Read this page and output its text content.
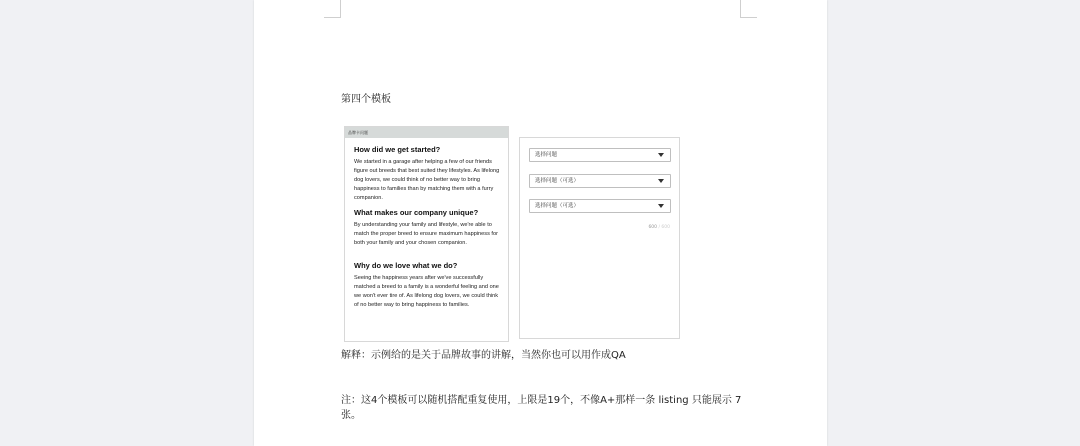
第四个模板
品牌卡问题
How did we get started?
We started in a garage after helping a few of our friends figure out breeds that best suited they lifestyles. As lifelong dog lovers, we could think of no better way to bring happiness to families than by matching them with a furry companion.
What makes our company unique?
By understanding your family and lifestyle, we're able to match the proper breed to ensure maximum happiness for both your family and your chosen companion.
Why do we love what we do?
Seeing the happiness years after we've successfully matched a breed to a family is a wonderful feeling and one we won't ever tire of. As lifelong dog lovers, we could think of no better way to bring happiness to families.
选择问题
选择问题（可选）
选择问题（可选）
600 / 600
解释：示例给的是关于品牌故事的讲解，当然你也可以用作成QA
注：这4个模板可以随机搭配重复使用，上限是19个，不像A+那样一条 listing 只能展示 7 张。
